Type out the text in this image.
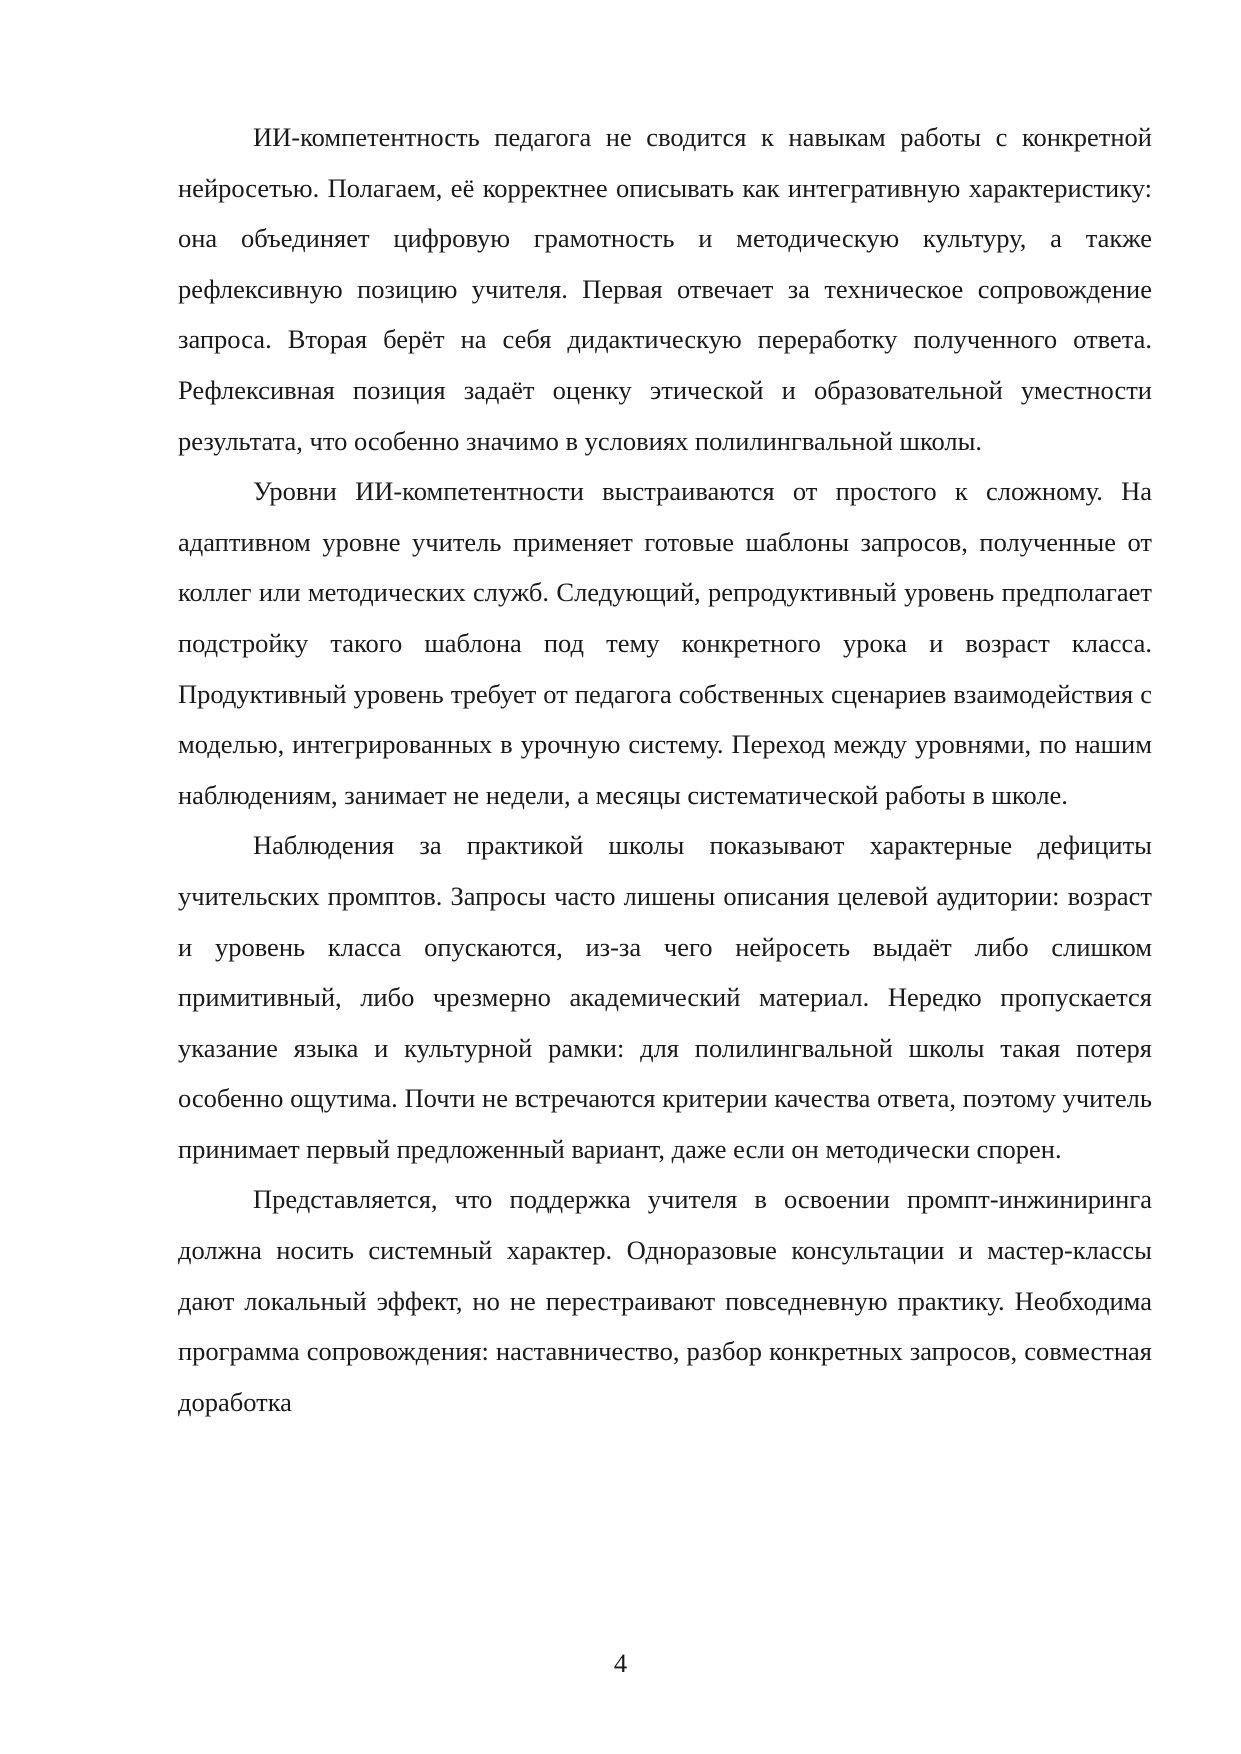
ИИ-компетентность педагога не сводится к навыкам работы с конкретной нейросетью. Полагаем, её корректнее описывать как интегративную характеристику: она объединяет цифровую грамотность и методическую культуру, а также рефлексивную позицию учителя. Первая отвечает за техническое сопровождение запроса. Вторая берёт на себя дидактическую переработку полученного ответа. Рефлексивная позиция задаёт оценку этической и образовательной уместности результата, что особенно значимо в условиях полилингвальной школы.

Уровни ИИ-компетентности выстраиваются от простого к сложному. На адаптивном уровне учитель применяет готовые шаблоны запросов, полученные от коллег или методических служб. Следующий, репродуктивный уровень предполагает подстройку такого шаблона под тему конкретного урока и возраст класса. Продуктивный уровень требует от педагога собственных сценариев взаимодействия с моделью, интегрированных в урочную систему. Переход между уровнями, по нашим наблюдениям, занимает не недели, а месяцы систематической работы в школе.

Наблюдения за практикой школы показывают характерные дефициты учительских промптов. Запросы часто лишены описания целевой аудитории: возраст и уровень класса опускаются, из-за чего нейросеть выдаёт либо слишком примитивный, либо чрезмерно академический материал. Нередко пропускается указание языка и культурной рамки: для полилингвальной школы такая потеря особенно ощутима. Почти не встречаются критерии качества ответа, поэтому учитель принимает первый предложенный вариант, даже если он методически спорен.

Представляется, что поддержка учителя в освоении промпт-инжиниринга должна носить системный характер. Одноразовые консультации и мастер-классы дают локальный эффект, но не перестраивают повседневную практику. Необходима программа сопровождения: наставничество, разбор конкретных запросов, совместная доработка

4
